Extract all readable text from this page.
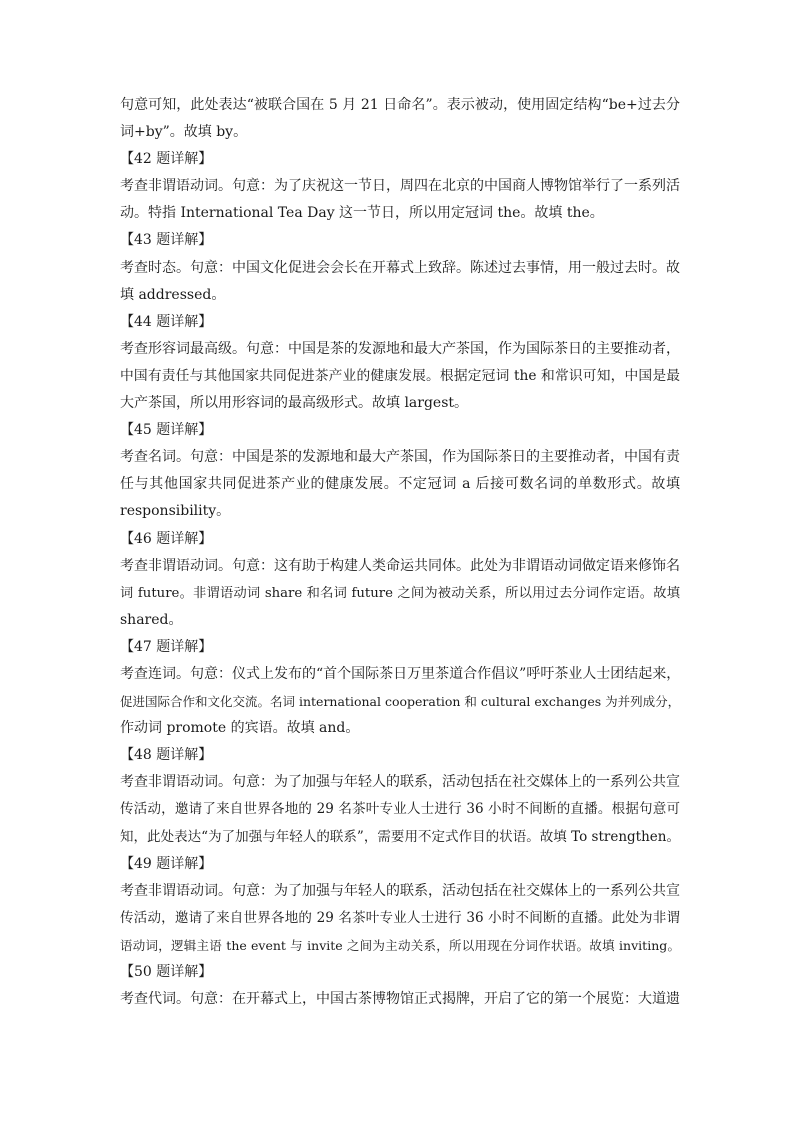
句意可知，此处表达“被联合国在 5 月 21 日命名”。表示被动，使用固定结构“be+过去分
词+by”。故填 by。
【42 题详解】
考查非谓语动词。句意：为了庆祝这一节日，周四在北京的中国商人博物馆举行了一系列活
动。特指 International Tea Day 这一节日，所以用定冠词 the。故填 the。
【43 题详解】
考查时态。句意：中国文化促进会会长在开幕式上致辞。陈述过去事情，用一般过去时。故
填 addressed。
【44 题详解】
考查形容词最高级。句意：中国是茶的发源地和最大产茶国，作为国际茶日的主要推动者，
中国有责任与其他国家共同促进茶产业的健康发展。根据定冠词 the 和常识可知，中国是最
大产茶国，所以用形容词的最高级形式。故填 largest。
【45 题详解】
考查名词。句意：中国是茶的发源地和最大产茶国，作为国际茶日的主要推动者，中国有责
任与其他国家共同促进茶产业的健康发展。不定冠词 a 后接可数名词的单数形式。故填
responsibility。
【46 题详解】
考查非谓语动词。句意：这有助于构建人类命运共同体。此处为非谓语动词做定语来修饰名
词 future。非谓语动词 share 和名词 future 之间为被动关系，所以用过去分词作定语。故填
shared。
【47 题详解】
考查连词。句意：仪式上发布的“首个国际茶日万里茶道合作倡议”呼吁茶业人士团结起来，
促进国际合作和文化交流。名词 international cooperation 和 cultural exchanges 为并列成分，
作动词 promote 的宾语。故填 and。
【48 题详解】
考查非谓语动词。句意：为了加强与年轻人的联系，活动包括在社交媒体上的一系列公共宣
传活动，邀请了来自世界各地的 29 名茶叶专业人士进行 36 小时不间断的直播。根据句意可
知，此处表达“为了加强与年轻人的联系”，需要用不定式作目的状语。故填 To strengthen。
【49 题详解】
考查非谓语动词。句意：为了加强与年轻人的联系，活动包括在社交媒体上的一系列公共宣
传活动，邀请了来自世界各地的 29 名茶叶专业人士进行 36 小时不间断的直播。此处为非谓
语动词，逻辑主语 the event 与 invite 之间为主动关系，所以用现在分词作状语。故填 inviting。
【50 题详解】
考查代词。句意：在开幕式上，中国古茶博物馆正式揭牌，开启了它的第一个展览：大道遗
